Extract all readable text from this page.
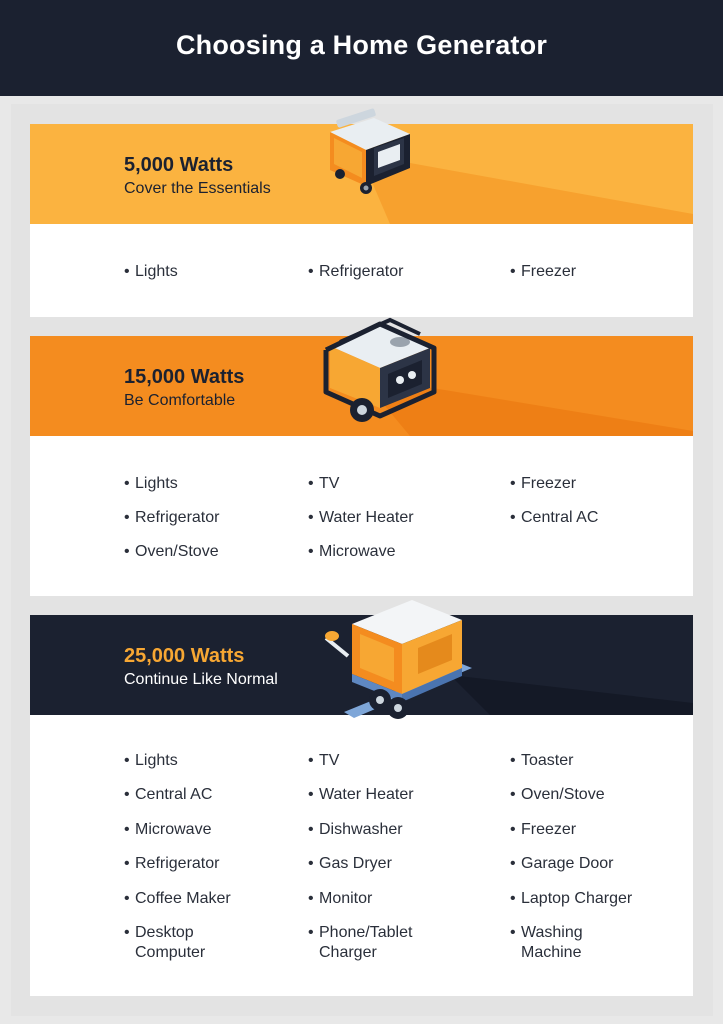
Choosing a Home Generator
5,000 Watts
Cover the Essentials
15,000 Watts
Be Comfortable
25,000 Watts
Continue Like Normal
• Lights	• Refrigerator	• Freezer
• Lights
• Refrigerator
• Oven/Stove
• TV
• Water Heater
• Microwave
• Freezer
• Central AC
• Lights
• Central AC
• Microwave
• Refrigerator
• Coffee Maker
• Desktop Computer
• TV
• Water Heater
• Dishwasher
• Gas Dryer
• Monitor
• Phone/Tablet Charger
• Toaster
• Oven/Stove
• Freezer
• Garage Door
• Laptop Charger
• Washing Machine
